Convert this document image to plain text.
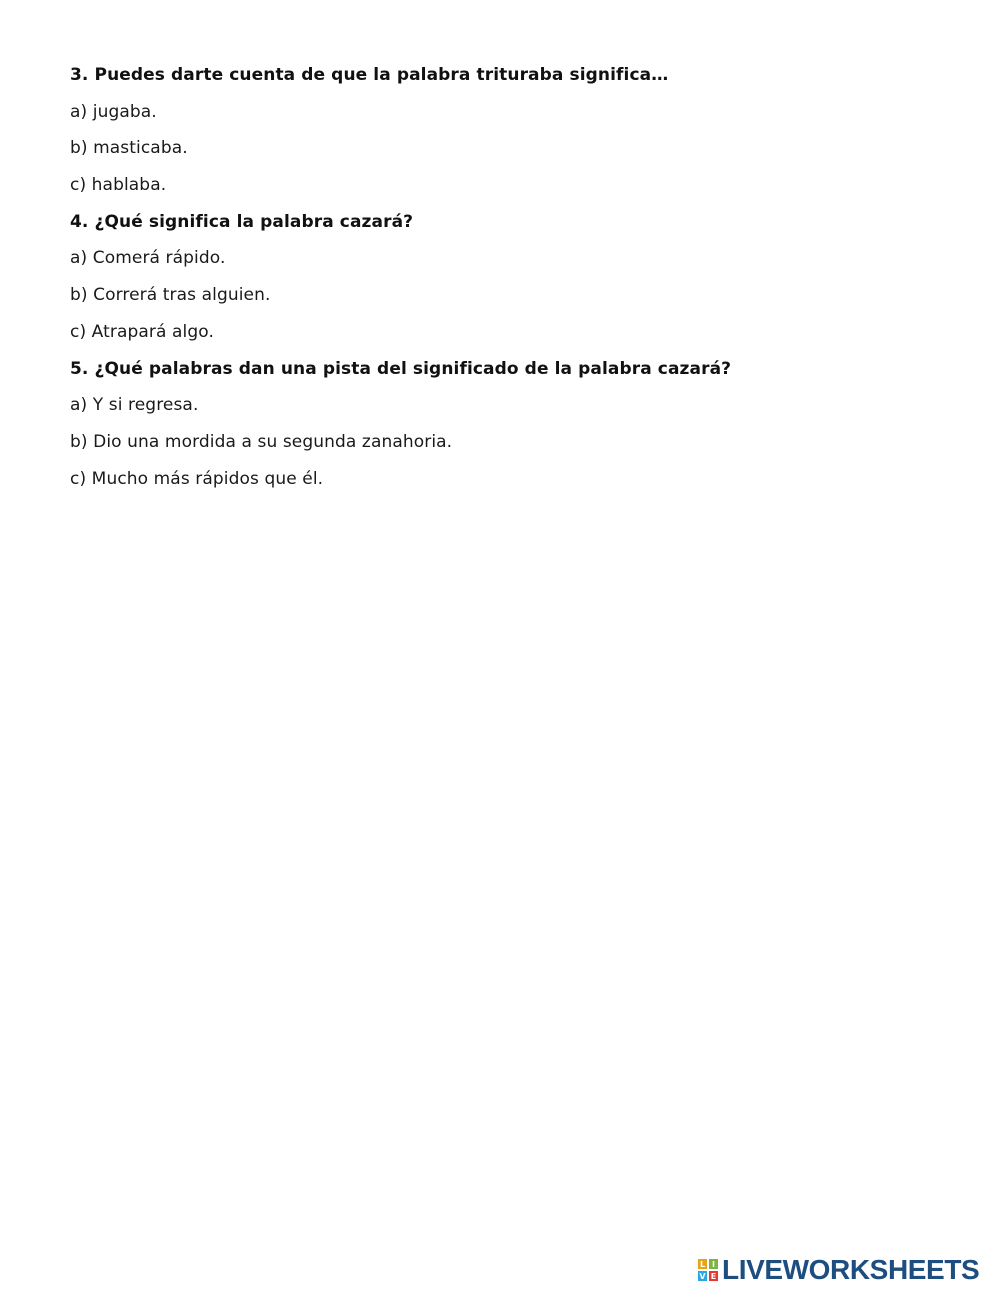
3. Puedes darte cuenta de que la palabra trituraba significa…
a) jugaba.
b) masticaba.
c) hablaba.
4. ¿Qué significa la palabra cazará?
a) Comerá rápido.
b) Correrá tras alguien.
c) Atrapará algo.
5. ¿Qué palabras dan una pista del significado de la palabra cazará?
a) Y si regresa.
b) Dio una mordida a su segunda zanahoria.
c) Mucho más rápidos que él.
L I
V E LIVEWORKSHEETS
